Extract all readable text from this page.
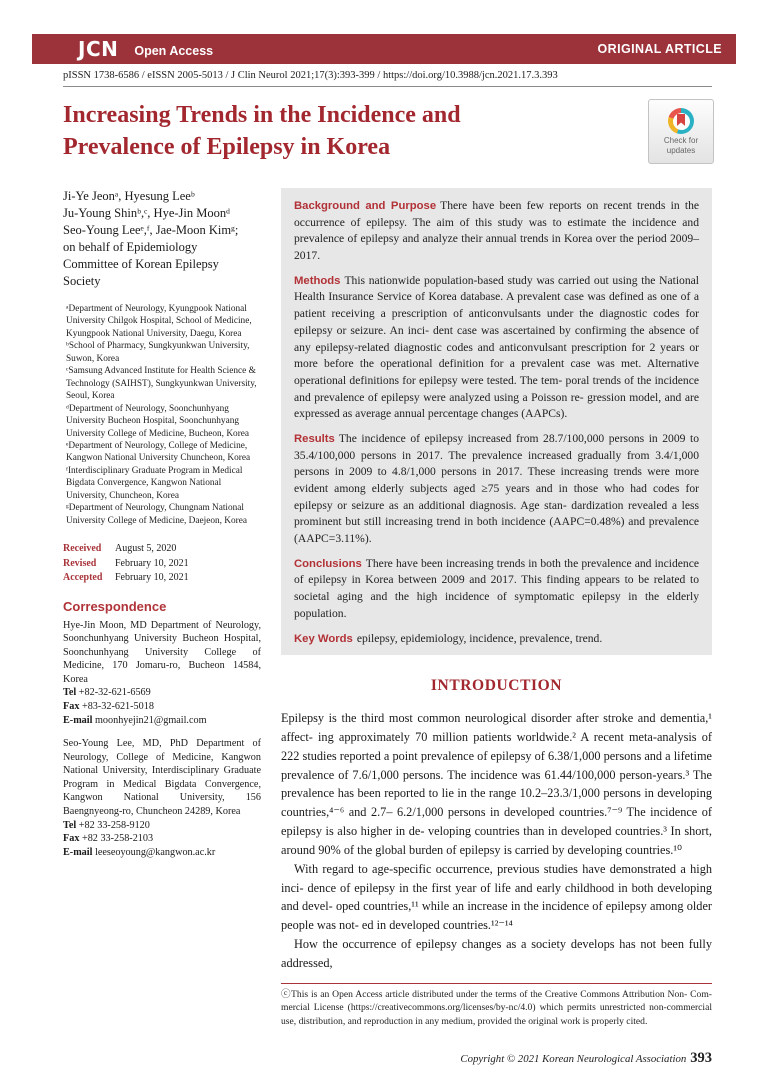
JCN Open Access	ORIGINAL ARTICLE
pISSN 1738-6586 / eISSN 2005-5013 / J Clin Neurol 2021;17(3):393-399 / https://doi.org/10.3988/jcn.2021.17.3.393
Increasing Trends in the Incidence and
Prevalence of Epilepsy in Korea	Check for
updates
Ji-Ye Jeonᵃ, Hyesung Leeᵇ
Ju-Young Shinᵇ,ᶜ, Hye-Jin Moonᵈ
Seo-Young Leeᵉ,ᶠ, Jae-Moon Kimᵍ;
on behalf of Epidemiology
Committee of Korean Epilepsy
Society
ᵃDepartment of Neurology, Kyungpook National University Chilgok Hospital, School of Medicine, Kyungpook National University, Daegu, Korea
ᵇSchool of Pharmacy, Sungkyunkwan University, Suwon, Korea
ᶜSamsung Advanced Institute for Health Science & Technology (SAIHST), Sungkyunkwan University, Seoul, Korea
ᵈDepartment of Neurology, Soonchunhyang University Bucheon Hospital, Soonchunhyang University College of Medicine, Bucheon, Korea ᵉDepartment of Neurology, College of Medicine, Kangwon National University Chuncheon, Korea
ᶠInterdisciplinary Graduate Program in Medical Bigdata Convergence, Kangwon National University, Chuncheon, Korea
ᵍDepartment of Neurology, Chungnam National University College of Medicine, Daejeon, Korea
Received	August 5, 2020
Revised	February 10, 2021
Accepted	February 10, 2021
Correspondence
Hye-Jin Moon, MD Department of Neurology, Soonchunhyang University Bucheon Hospital, Soonchunhyang University College of Medicine, 170 Jomaru-ro, Bucheon 14584, Korea
Tel +82-32-621-6569
Fax +83-32-621-5018
E-mail moonhyejin21@gmail.com
Seo-Young Lee, MD, PhD Department of Neurology, College of Medicine, Kangwon National University, Interdisciplinary Graduate Program in Medical Bigdata Convergence, Kangwon National University, 156 Baengnyeong-ro, Chuncheon 24289, Korea
Tel +82 33-258-9120
Fax +82 33-258-2103
E-mail leeseoyoung@kangwon.ac.kr

Background and Purpose There have been few reports on recent trends in the occurrence of epilepsy. The aim of this study was to estimate the incidence and prevalence of epilepsy and analyze their annual trends in Korea over the period 2009–2017.

Methods This nationwide population-based study was carried out using the National Health Insurance Service of Korea database. A prevalent case was defined as one of a patient receiving a prescription of anticonvulsants under the diagnostic codes for epilepsy or seizure. An inci- dent case was ascertained by confirming the absence of any epilepsy-related diagnostic codes and anticonvulsant prescription for 2 years or more before the operational definition for a prevalent case was met. Alternative operational definitions for epilepsy were tested. The tem- poral trends of the incidence and prevalence of epilepsy were analyzed using a Poisson re- gression model, and are expressed as average annual percentage changes (AAPCs).

Results The incidence of epilepsy increased from 28.7/100,000 persons in 2009 to 35.4/100,000 persons in 2017. The prevalence increased gradually from 3.4/1,000 persons in 2009 to 4.8/1,000 persons in 2017. These increasing trends were more evident among elderly subjects aged ≥75 years and in those who had codes for epilepsy or seizure as an additional diagnosis. Age stan- dardization revealed a less prominent but still increasing trend in both incidence (AAPC=0.48%) and prevalence (AAPC=3.11%).

Conclusions There have been increasing trends in both the prevalence and incidence of epilepsy in Korea between 2009 and 2017. This finding appears to be related to societal aging and the high incidence of symptomatic epilepsy in the elderly population.

Key Words epilepsy, epidemiology, incidence, prevalence, trend.

INTRODUCTION

Epilepsy is the third most common neurological disorder after stroke and dementia,¹ affect- ing approximately 70 million patients worldwide.² A recent meta-analysis of 222 studies reported a point prevalence of epilepsy of 6.38/1,000 persons and a lifetime prevalence of 7.6/1,000 persons. The incidence was 61.44/100,000 person-years.³ The prevalence has been reported to lie in the range 10.2–23.3/1,000 persons in developing countries,⁴⁻⁶ and 2.7– 6.2/1,000 persons in developed countries.⁷⁻⁹ The incidence of epilepsy is also higher in de- veloping countries than in developed countries.³ In short, around 90% of the global burden of epilepsy is carried by developing countries.¹⁰

With regard to age-specific occurrence, previous studies have demonstrated a high inci- dence of epilepsy in the first year of life and early childhood in both developing and devel- oped countries,¹¹ while an increase in the incidence of epilepsy among older people was not- ed in developed countries.¹²⁻¹⁴

How the occurrence of epilepsy changes as a society develops has not been fully addressed,

ⓒThis is an Open Access article distributed under the terms of the Creative Commons Attribution Non- Com- mercial License (https://creativecommons.org/licenses/by-nc/4.0) which permits unrestricted non-commercial use, distribution, and reproduction in any medium, provided the original work is properly cited.

Copyright © 2021 Korean Neurological Association 393
